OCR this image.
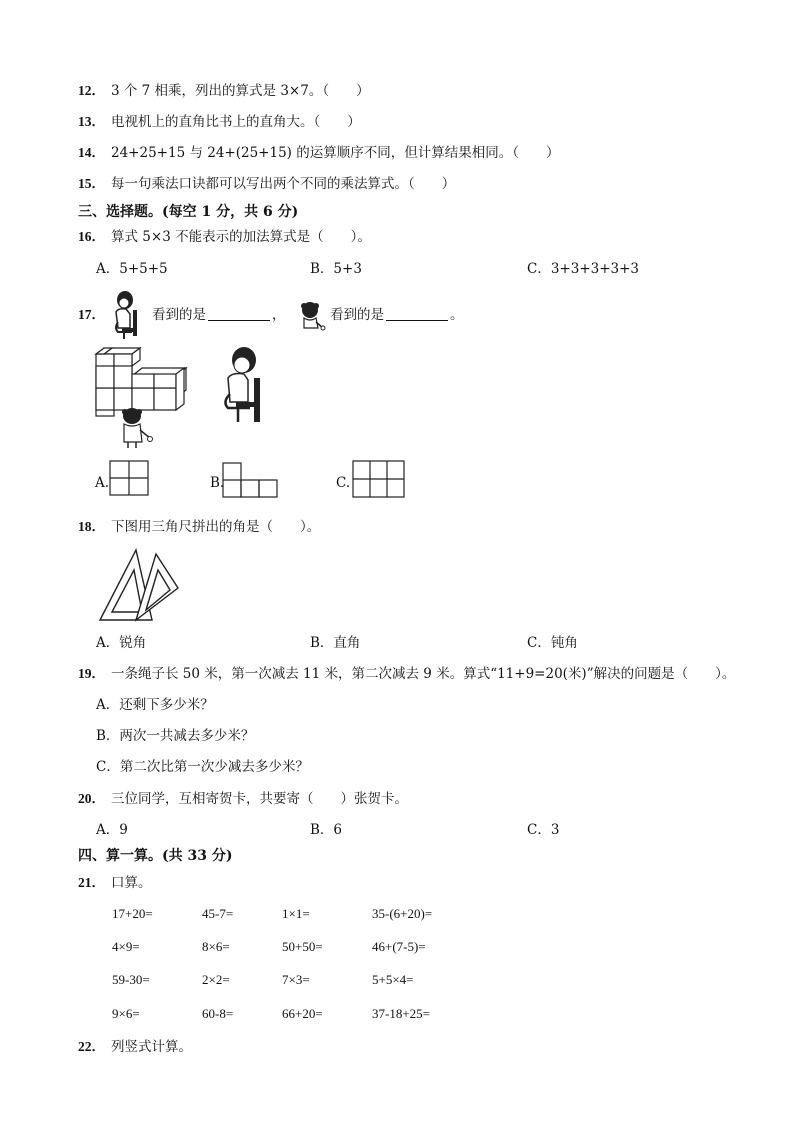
12． 3 个 7 相乘，列出的算式是 3×7。（　　）
13． 电视机上的直角比书上的直角大。（　　）
14． 24+25+15 与 24+(25+15) 的运算顺序不同，但计算结果相同。（　　）
15． 每一句乘法口诀都可以写出两个不同的乘法算式。（　　）
三、选择题。(每空 1 分，共 6 分)
16． 算式 5×3 不能表示的加法算式是（　　）。
A．5+5+5	B．5+3	C．3+3+3+3+3
17．	看到的是	，	看到的是	。
A.	B.	C.
18． 下图用三角尺拼出的角是（　　）。
A．锐角	B．直角	C．钝角
19． 一条绳子长 50 米，第一次减去 11 米，第二次减去 9 米。算式“11+9=20(米)”解决的问题是（　　）。
A．还剩下多少米？
B．两次一共减去多少米？
C．第二次比第一次少减去多少米？
20． 三位同学，互相寄贺卡，共要寄（　　）张贺卡。
A．9	B．6	C．3
四、算一算。(共 33 分)
21． 口算。
17+20=	45-7=	1×1=	35-(6+20)=
4×9=	8×6=	50+50=	46+(7-5)=
59-30=	2×2=	7×3=	5+5×4=
9×6=	60-8=	66+20=	37-18+25=
22． 列竖式计算。
